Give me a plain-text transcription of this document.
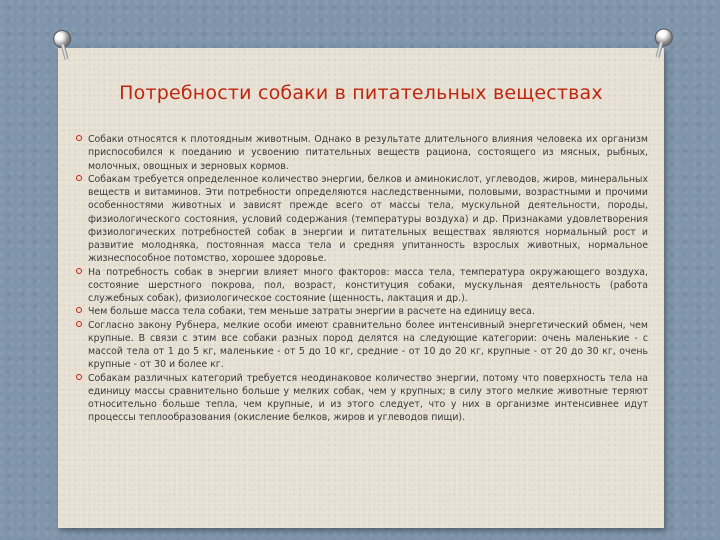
Потребности собаки в питательных веществах
Собаки относятся к плотоядным животным. Однако в результате длительного влияния человека их организм приспособился к поеданию и усвоению питательных веществ рациона, состоящего из мясных, рыбных, молочных, овощных и зерновых кормов.
Собакам требуется определенное количество энергии, белков и аминокислот, углеводов, жиров, минеральных веществ и витаминов. Эти потребности определяются наследственными, половыми, возрастными и прочими особенностями животных и зависят прежде всего от массы тела, мускульной деятельности, породы, физиологического состояния, условий содержания (температуры воздуха) и др. Признаками удовлетворения физиологических потребностей собак в энергии и питательных веществах являются нормальный рост и развитие молодняка, постоянная масса тела и средняя упитанность взрослых животных, нормальное жизнеспособное потомство, хорошее здоровье.
На потребность собак в энергии влияет много факторов: масса тела, температура окружающего воздуха, состояние шерстного покрова, пол, возраст, конституция собаки, мускульная деятельность (работа служебных собак), физиологическое состояние (щенность, лактация и др.).
Чем больше масса тела собаки, тем меньше затраты энергии в расчете на единицу веса.
Согласно закону Рубнера, мелкие особи имеют сравнительно более интенсивный энергетический обмен, чем крупные. В связи с этим все собаки разных пород делятся на следующие категории: очень маленькие - с массой тела от 1 до 5 кг, маленькие - от 5 до 10 кг, средние - от 10 до 20 кг, крупные - от 20 до 30 кг, очень крупные - от 30 и более кг.
Собакам различных категорий требуется неодинаковое количество энергии, потому что поверхность тела на единицу массы сравнительно больше у мелких собак, чем у крупных; в силу этого мелкие животные теряют относительно больше тепла, чем крупные, и из этого следует, что у них в организме интенсивнее идут процессы теплообразования (окисление белков, жиров и углеводов пищи).
